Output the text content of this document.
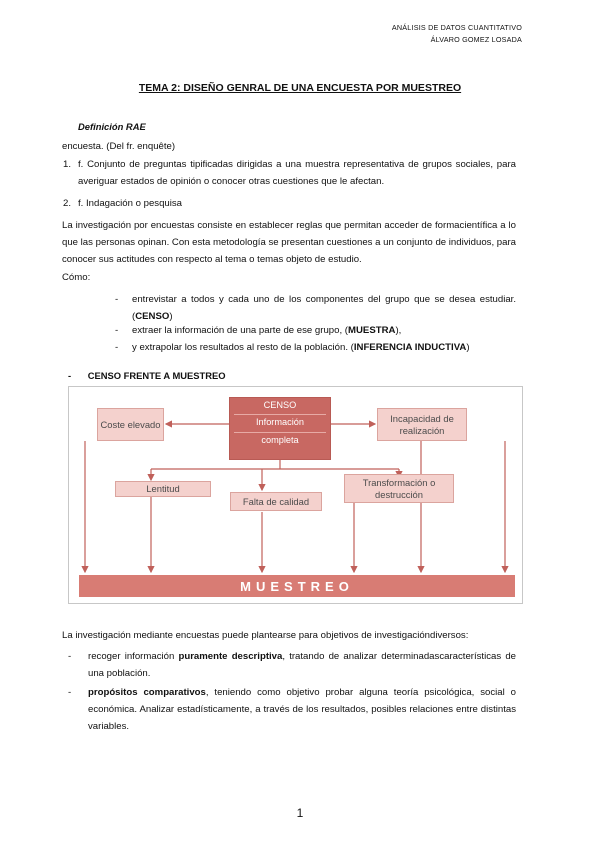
ANÁLISIS DE DATOS CUANTITATIVO
ÁLVARO GOMEZ LOSADA
TEMA 2: DISEÑO GENRAL DE UNA ENCUESTA POR MUESTREO
Definición RAE
encuesta. (Del fr. enquête)
1. f. Conjunto de preguntas tipificadas dirigidas a una muestra representativa de grupos sociales, para averiguar estados de opinión o conocer otras cuestiones que le afectan.
2. f. Indagación o pesquisa
La investigación por encuestas consiste en establecer reglas que permitan acceder de formacientífica a lo que las personas opinan. Con esta metodología se presentan cuestiones a un conjunto de individuos, para conocer sus actitudes con respecto al tema o temas objeto de estudio.
Cómo:
- entrevistar a todos y cada uno de los componentes del grupo que se desea estudiar. (CENSO)
- extraer la información de una parte de ese grupo, (MUESTRA),
- y extrapolar los resultados al resto de la población. (INFERENCIA INDUCTIVA)
- CENSO FRENTE A MUESTREO
Coste elevado
CENSO
Información
completa
Incapacidad de realización
Lentitud
Falta de calidad
Transformación o destrucción
MUESTREO
La investigación mediante encuestas puede plantearse para objetivos de investigacióndiversos:
- recoger información puramente descriptiva, tratando de analizar determinadascaracterísticas de una población.
- propósitos comparativos, teniendo como objetivo probar alguna teoría psicológica, social o económica. Analizar estadísticamente, a través de los resultados, posibles relaciones entre distintas variables.
1
